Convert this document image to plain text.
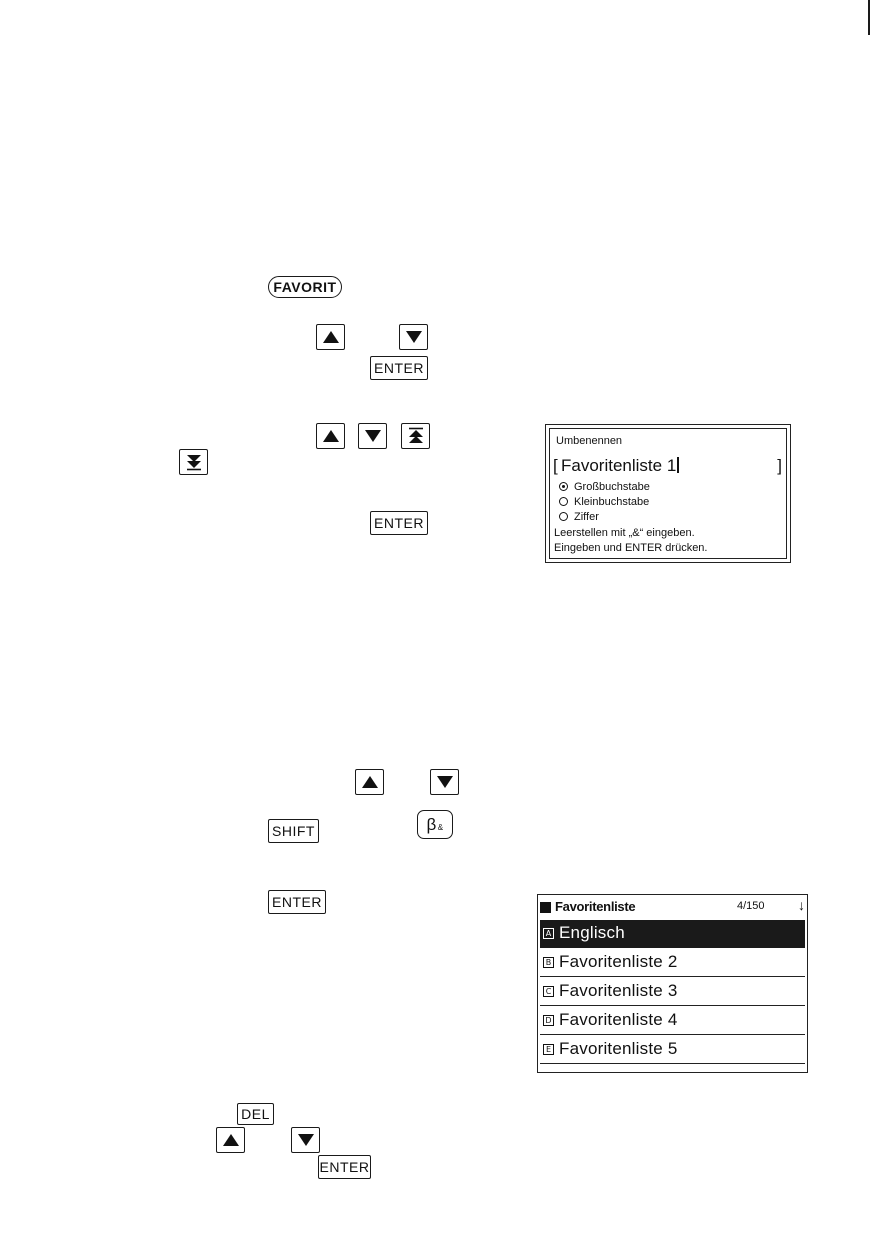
FAVORIT
ENTER
ENTER
Umbenennen
[ Favoritenliste 1	]
Großbuchstabe
Kleinbuchstabe
Ziffer
Leerstellen mit „&“ eingeben.
Eingeben und ENTER drücken.
SHIFT	β &
ENTER	Favoritenliste	4/150 ↓
A Englisch
B Favoritenliste 2
C Favoritenliste 3
D Favoritenliste 4
E Favoritenliste 5
DEL
ENTER
